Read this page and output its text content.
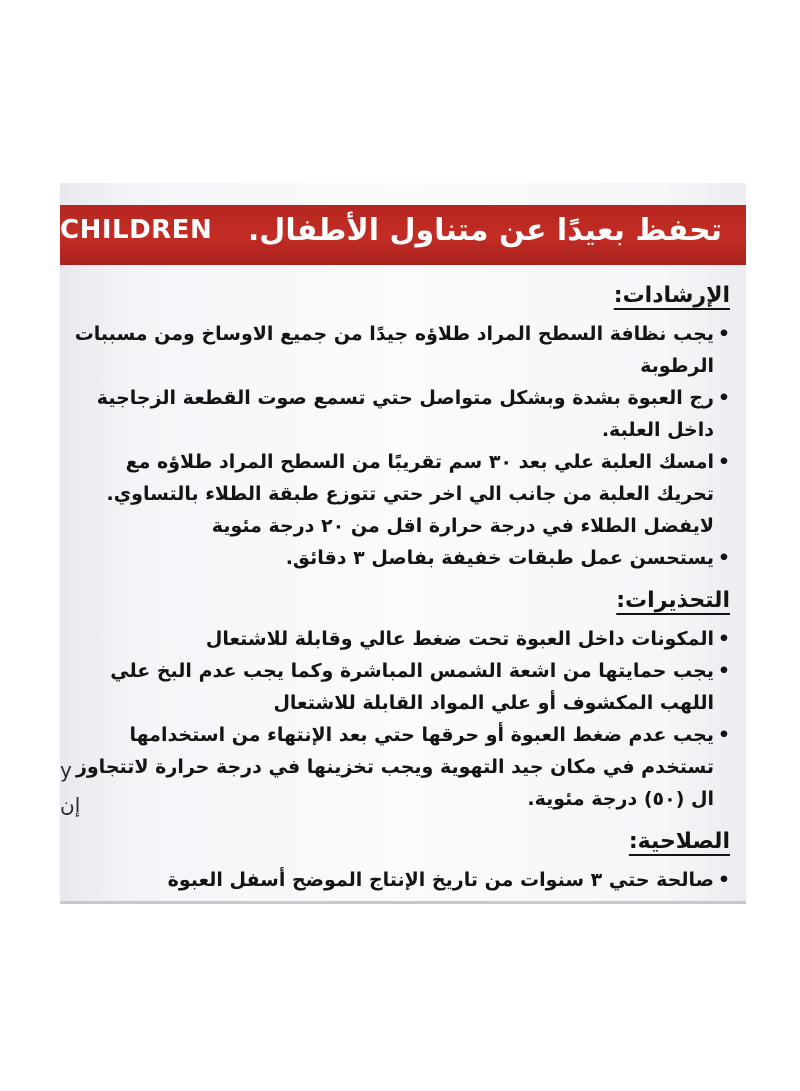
CHILDREN تحفظ بعيدًا عن متناول الأطفال.
y
إن

الإرشادات:

• يجب نظافة السطح المراد طلاؤه جيدًا من جميع الاوساخ ومن مسببات الرطوبة

• رج العبوة بشدة وبشكل متواصل حتي تسمع صوت القطعة الزجاجية داخل العلبة.

• امسك العلبة علي بعد ٣٠ سم تقريبًا من السطح المراد طلاؤه مع تحريك العلبة من جانب الي اخر حتي تتوزع طبقة الطلاء بالتساوي. لايفضل الطلاء في درجة حرارة اقل من ٢٠ درجة مئوية

• يستحسن عمل طبقات خفيفة بفاصل ٣ دقائق.

التحذيرات:

• المكونات داخل العبوة تحت ضغط عالي وقابلة للاشتعال

• يجب حمايتها من اشعة الشمس المباشرة وكما يجب عدم البخ علي اللهب المكشوف أو علي المواد القابلة للاشتعال

• يجب عدم ضغط العبوة أو حرقها حتي بعد الإنتهاء من استخدامها تستخدم في مكان جيد التهوية ويجب تخزينها في درجة حرارة لاتتجاوز ال (٥٠) درجة مئوية.

الصلاحية:

• صالحة حتي ٣ سنوات من تاريخ الإنتاج الموضح أسفل العبوة
